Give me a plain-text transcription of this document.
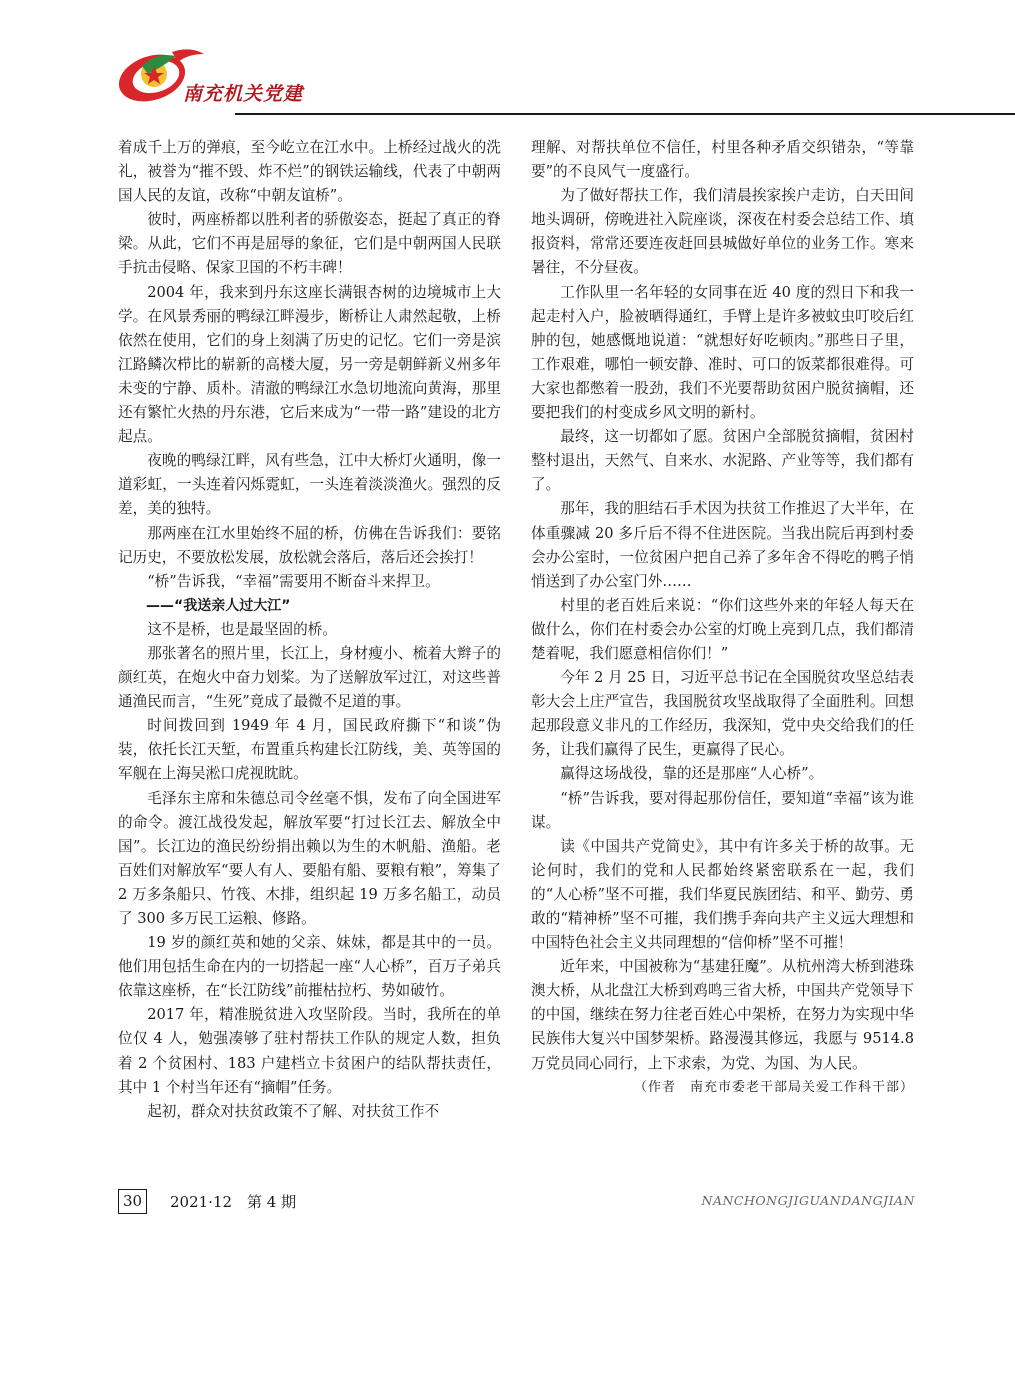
南充机关党建

着成千上万的弹痕，至今屹立在江水中。上桥经过战火的洗礼，被誉为“摧不毁、炸不烂”的钢铁运输线，代表了中朝两国人民的友谊，改称“中朝友谊桥”。

彼时，两座桥都以胜利者的骄傲姿态，挺起了真正的脊梁。从此，它们不再是屈辱的象征，它们是中朝两国人民联手抗击侵略、保家卫国的不朽丰碑！

2004 年，我来到丹东这座长满银杏树的边境城市上大学。在风景秀丽的鸭绿江畔漫步，断桥让人肃然起敬，上桥依然在使用，它们的身上刻满了历史的记忆。它们一旁是滨江路鳞次栉比的崭新的高楼大厦，另一旁是朝鲜新义州多年未变的宁静、质朴。清澈的鸭绿江水急切地流向黄海，那里还有繁忙火热的丹东港，它后来成为“一带一路”建设的北方起点。

夜晚的鸭绿江畔，风有些急，江中大桥灯火通明，像一道彩虹，一头连着闪烁霓虹，一头连着淡淡渔火。强烈的反差，美的独特。

那两座在江水里始终不屈的桥，仿佛在告诉我们：要铭记历史，不要放松发展，放松就会落后，落后还会挨打！

“桥”告诉我，“幸福”需要用不断奋斗来捍卫。

——“我送亲人过大江”

这不是桥，也是最坚固的桥。

那张著名的照片里，长江上，身材瘦小、梳着大辫子的颜红英，在炮火中奋力划桨。为了送解放军过江，对这些普通渔民而言，“生死”竟成了最微不足道的事。

时间拨回到 1949 年 4 月，国民政府撕下“和谈”伪装，依托长江天堑，布置重兵构建长江防线，美、英等国的军舰在上海吴淞口虎视眈眈。

毛泽东主席和朱德总司令丝毫不惧，发布了向全国进军的命令。渡江战役发起，解放军要“打过长江去、解放全中国”。长江边的渔民纷纷捐出赖以为生的木帆船、渔船。老百姓们对解放军“要人有人、要船有船、要粮有粮”，筹集了 2 万多条船只、竹筏、木排，组织起 19 万多名船工，动员了 300 多万民工运粮、修路。

19 岁的颜红英和她的父亲、妹妹，都是其中的一员。他们用包括生命在内的一切搭起一座“人心桥”，百万子弟兵依靠这座桥，在“长江防线”前摧枯拉朽、势如破竹。

2017 年，精准脱贫进入攻坚阶段。当时，我所在的单位仅 4 人，勉强凑够了驻村帮扶工作队的规定人数，担负着 2 个贫困村、183 户建档立卡贫困户的结队帮扶责任，其中 1 个村当年还有“摘帽”任务。

起初，群众对扶贫政策不了解、对扶贫工作不

理解、对帮扶单位不信任，村里各种矛盾交织错杂，“等靠要”的不良风气一度盛行。

为了做好帮扶工作，我们清晨挨家挨户走访，白天田间地头调研，傍晚进社入院座谈，深夜在村委会总结工作、填报资料，常常还要连夜赶回县城做好单位的业务工作。寒来暑往，不分昼夜。

工作队里一名年轻的女同事在近 40 度的烈日下和我一起走村入户，脸被晒得通红，手臂上是许多被蚊虫叮咬后红肿的包，她感慨地说道：“就想好好吃顿肉。”那些日子里，工作艰难，哪怕一顿安静、准时、可口的饭菜都很难得。可大家也都憋着一股劲，我们不光要帮助贫困户脱贫摘帽，还要把我们的村变成乡风文明的新村。

最终，这一切都如了愿。贫困户全部脱贫摘帽，贫困村整村退出，天然气、自来水、水泥路、产业等等，我们都有了。

那年，我的胆结石手术因为扶贫工作推迟了大半年，在体重骤减 20 多斤后不得不住进医院。当我出院后再到村委会办公室时，一位贫困户把自己养了多年舍不得吃的鸭子悄悄送到了办公室门外……

村里的老百姓后来说：“你们这些外来的年轻人每天在做什么，你们在村委会办公室的灯晚上亮到几点，我们都清楚着呢，我们愿意相信你们！”

今年 2 月 25 日，习近平总书记在全国脱贫攻坚总结表彰大会上庄严宣告，我国脱贫攻坚战取得了全面胜利。回想起那段意义非凡的工作经历，我深知，党中央交给我们的任务，让我们赢得了民生，更赢得了民心。

赢得这场战役，靠的还是那座“人心桥”。

“桥”告诉我，要对得起那份信任，要知道“幸福”该为谁谋。

读《中国共产党简史》，其中有许多关于桥的故事。无论何时，我们的党和人民都始终紧密联系在一起，我们的“人心桥”坚不可摧，我们华夏民族团结、和平、勤劳、勇敢的“精神桥”坚不可摧，我们携手奔向共产主义远大理想和中国特色社会主义共同理想的“信仰桥”坚不可摧！

近年来，中国被称为“基建狂魔”。从杭州湾大桥到港珠澳大桥，从北盘江大桥到鸡鸣三省大桥，中国共产党领导下的中国，继续在努力往老百姓心中架桥，在努力为实现中华民族伟大复兴中国梦架桥。路漫漫其修远，我愿与 9514.8 万党员同心同行，上下求索，为党、为国、为人民。

（作者　南充市委老干部局关爱工作科干部）

30	2021·12　第 4 期	NANCHONGJIGUANDANGJIAN
